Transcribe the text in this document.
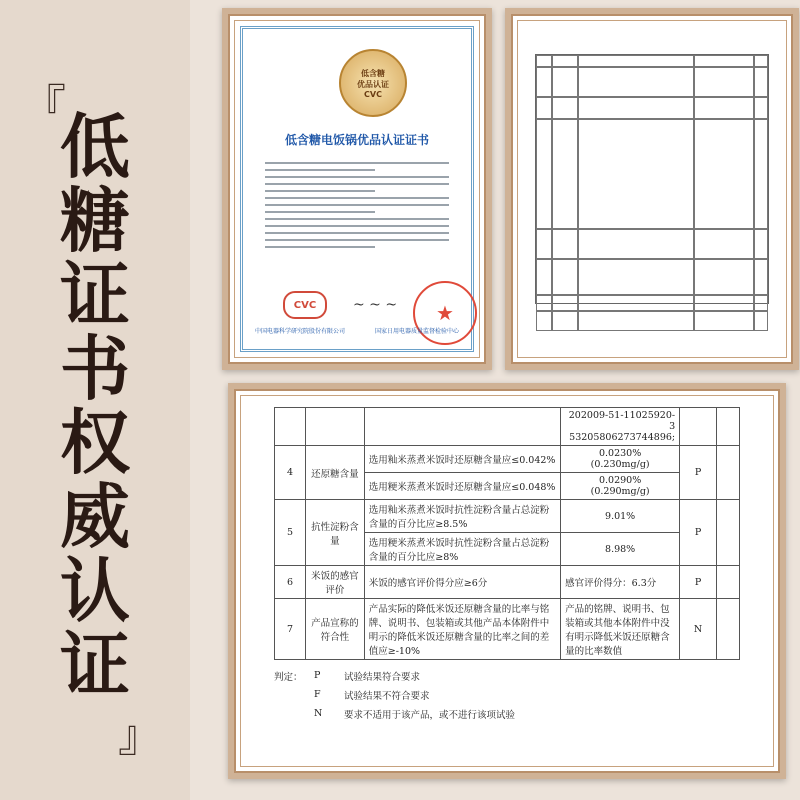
『
低
糖
证
书
权
威
认
证
』
低含糖
优品认证
CVC
低含糖电饭锅优品认证证书
CVC	~ ~ ~	★
中国电器科学研究院股份有限公司	国家日用电器质量监督检验中心
			202009-51-11025920-3
53205806273744896;		
4	还原糖含量	选用籼米蒸煮米饭时还原糖含量应≤0.042%	0.0230%
(0.230mg/g)	P	
		选用粳米蒸煮米饭时还原糖含量应≤0.048%	0.0290%
(0.290mg/g)		
5	抗性淀粉含量	选用籼米蒸煮米饭时抗性淀粉含量占总淀粉含量的百分比应≥8.5%	9.01%	P	
		选用粳米蒸煮米饭时抗性淀粉含量占总淀粉含量的百分比应≥8%	8.98%		
6	米饭的感官评价	米饭的感官评价得分应≥6分	感官评价得分：6.3分	P	
7	产品宣称的符合性	产品实际的降低米饭还原糖含量的比率与铭牌、说明书、包装箱或其他产品本体附件中明示的降低米饭还原糖含量的比率之间的差值应≥-10%	产品的铭牌、说明书、包装箱或其他本体附件中没有明示降低米饭还原糖含量的比率数值	N	
判定：	P	试验结果符合要求
F	试验结果不符合要求
N	要求不适用于该产品，或不进行该项试验
